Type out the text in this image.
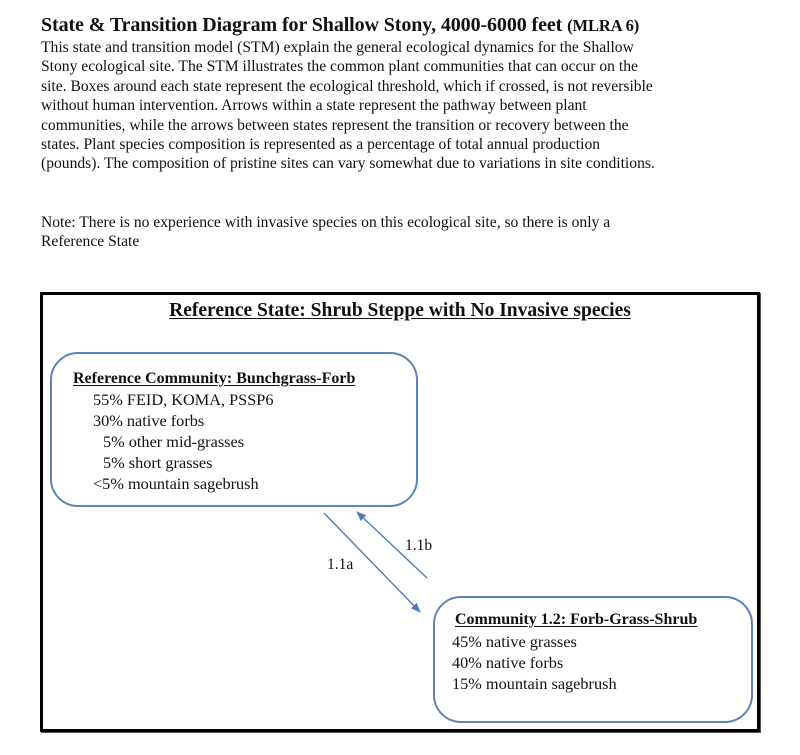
State & Transition Diagram for Shallow Stony, 4000-6000 feet (MLRA 6)
This state and transition model (STM) explain the general ecological dynamics for the Shallow
Stony ecological site. The STM illustrates the common plant communities that can occur on the
site. Boxes around each state represent the ecological threshold, which if crossed, is not reversible
without human intervention. Arrows within a state represent the pathway between plant
communities, while the arrows between states represent the transition or recovery between the
states. Plant species composition is represented as a percentage of total annual production
(pounds). The composition of pristine sites can vary somewhat due to variations in site conditions.
Note: There is no experience with invasive species on this ecological site, so there is only a
Reference State
Reference State: Shrub Steppe with No Invasive species
Reference Community: Bunchgrass-Forb
55% FEID, KOMA, PSSP6
30% native forbs
5% other mid-grasses
5% short grasses
<5% mountain sagebrush
Community 1.2: Forb-Grass-Shrub
45% native grasses
40% native forbs
15% mountain sagebrush
1.1a
1.1b
